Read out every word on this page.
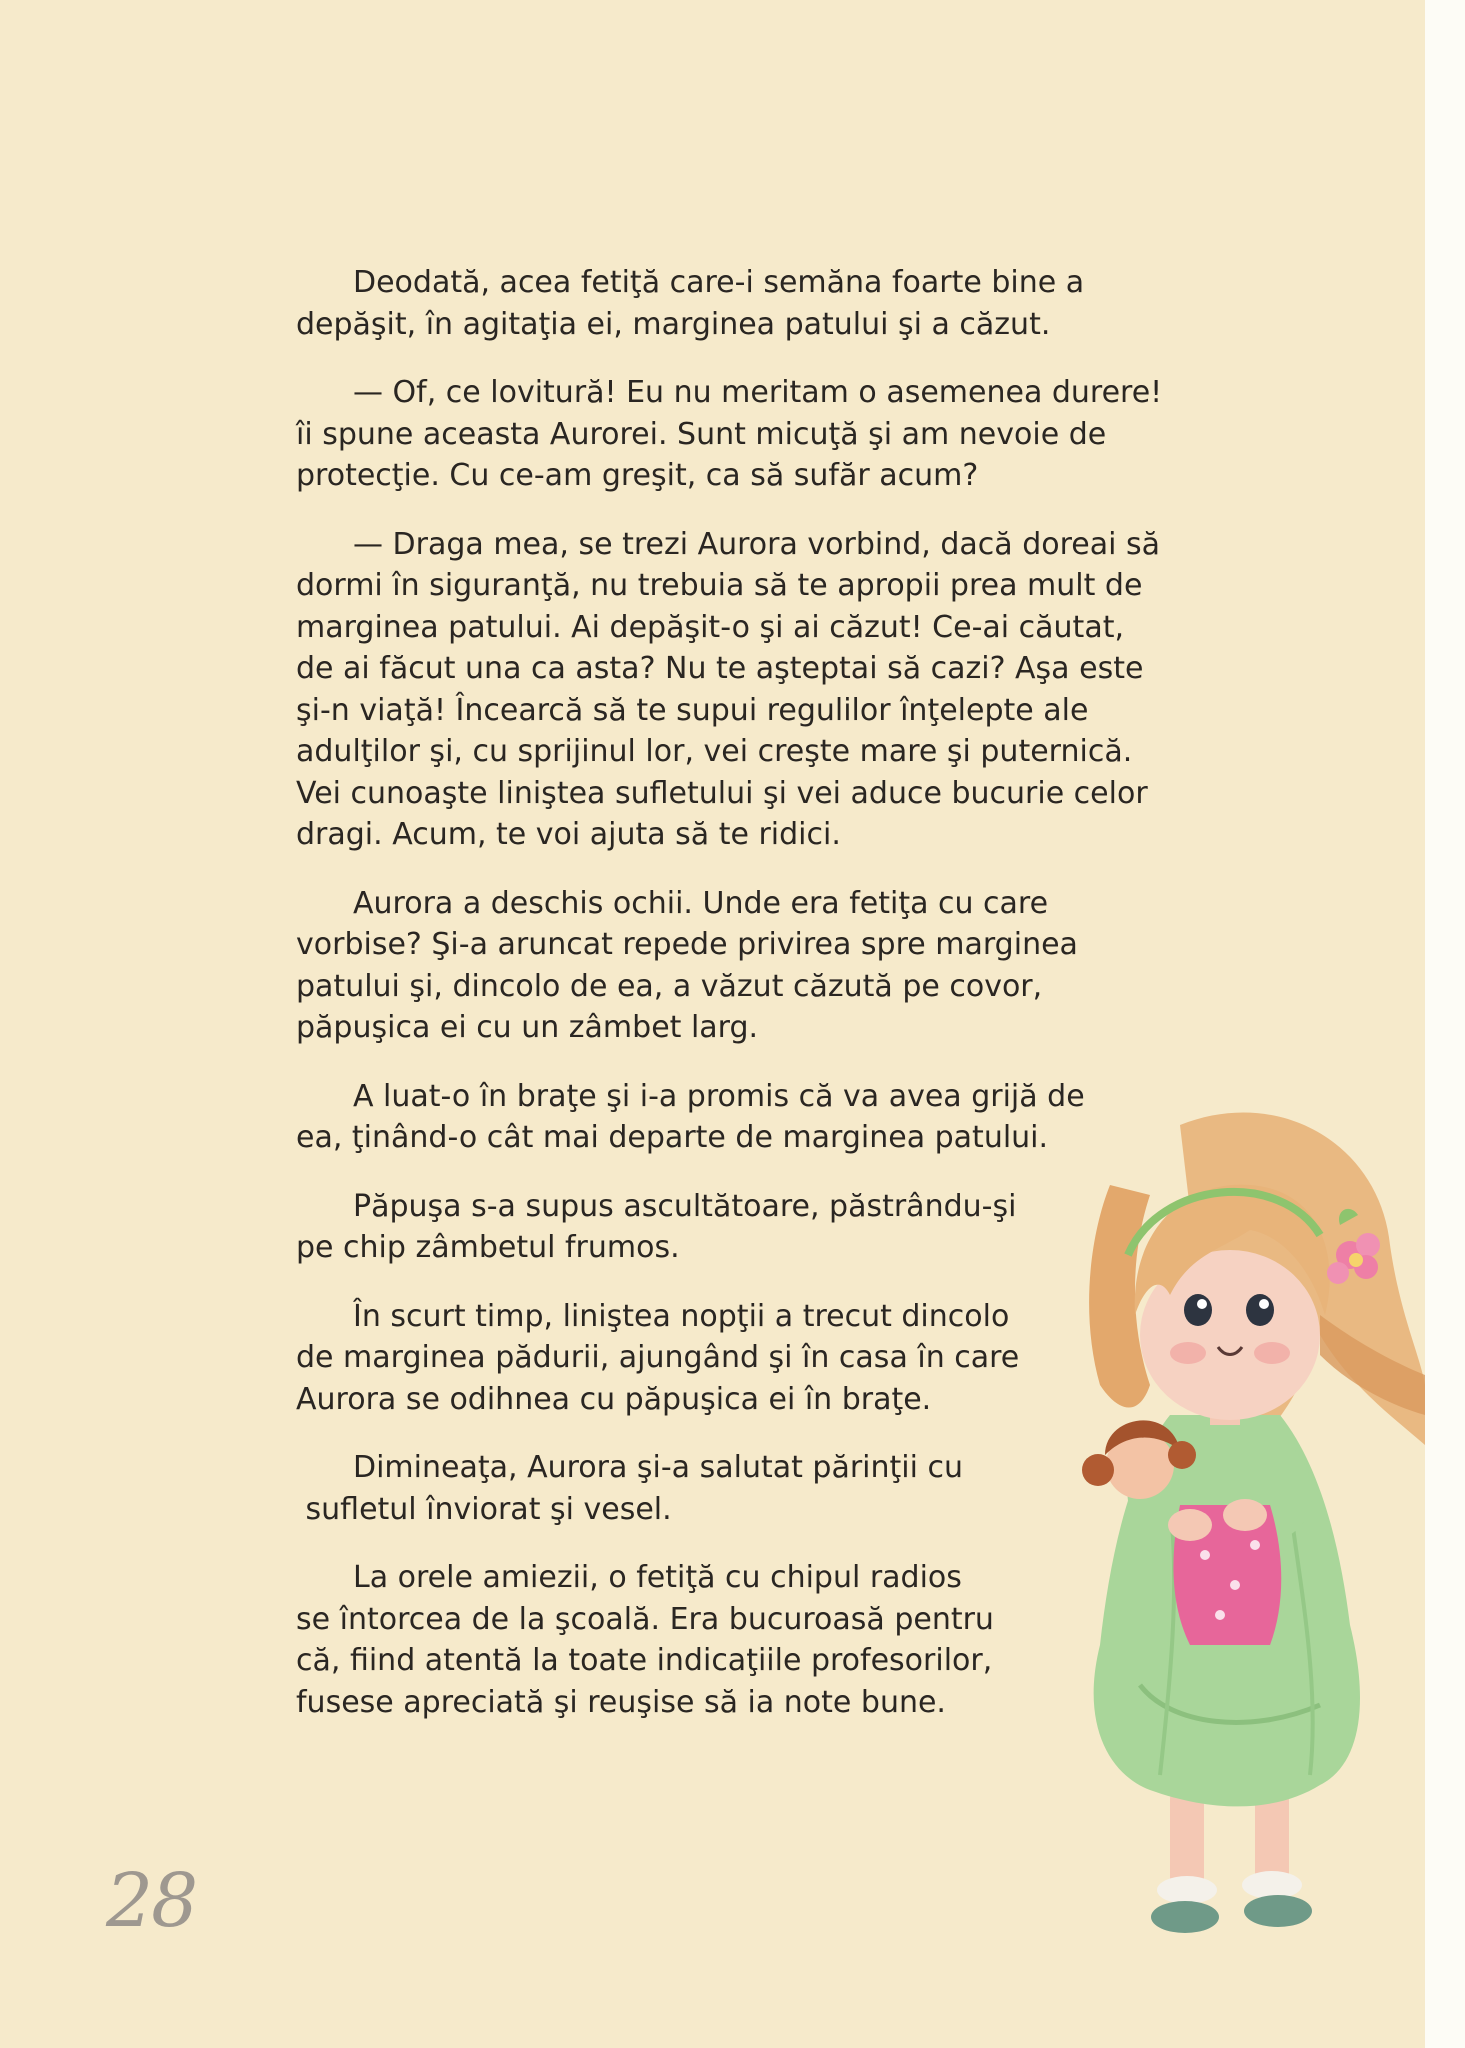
Deodată, acea fetiţă care-i semăna foarte bine a
depăşit, în agitaţia ei, marginea patului şi a căzut.

— Of, ce lovitură! Eu nu meritam o asemenea durere!
îi spune aceasta Aurorei. Sunt micuţă şi am nevoie de
protecţie. Cu ce-am greşit, ca să sufăr acum?

— Draga mea, se trezi Aurora vorbind, dacă doreai să
dormi în siguranţă, nu trebuia să te apropii prea mult de
marginea patului. Ai depăşit-o şi ai căzut! Ce-ai căutat,
de ai făcut una ca asta? Nu te aşteptai să cazi? Aşa este
şi-n viaţă! Încearcă să te supui regulilor înţelepte ale
adulţilor şi, cu sprijinul lor, vei creşte mare şi puternică.
Vei cunoaşte liniştea sufletului şi vei aduce bucurie celor
dragi. Acum, te voi ajuta să te ridici.

Aurora a deschis ochii. Unde era fetiţa cu care
vorbise? Şi-a aruncat repede privirea spre marginea
patului şi, dincolo de ea, a văzut căzută pe covor,
păpuşica ei cu un zâmbet larg.

A luat-o în braţe şi i-a promis că va avea grijă de
ea, ţinând-o cât mai departe de marginea patului.

Păpuşa s-a supus ascultătoare, păstrându-şi
pe chip zâmbetul frumos.

În scurt timp, liniştea nopţii a trecut dincolo
de marginea pădurii, ajungând şi în casa în care
Aurora se odihnea cu păpuşica ei în braţe.

Dimineaţa, Aurora şi-a salutat părinţii cu
sufletul înviorat şi vesel.

La orele amiezii, o fetiţă cu chipul radios
se întorcea de la şcoală. Era bucuroasă pentru
că, fiind atentă la toate indicaţiile profesorilor,
fusese apreciată şi reuşise să ia note bune.

28
